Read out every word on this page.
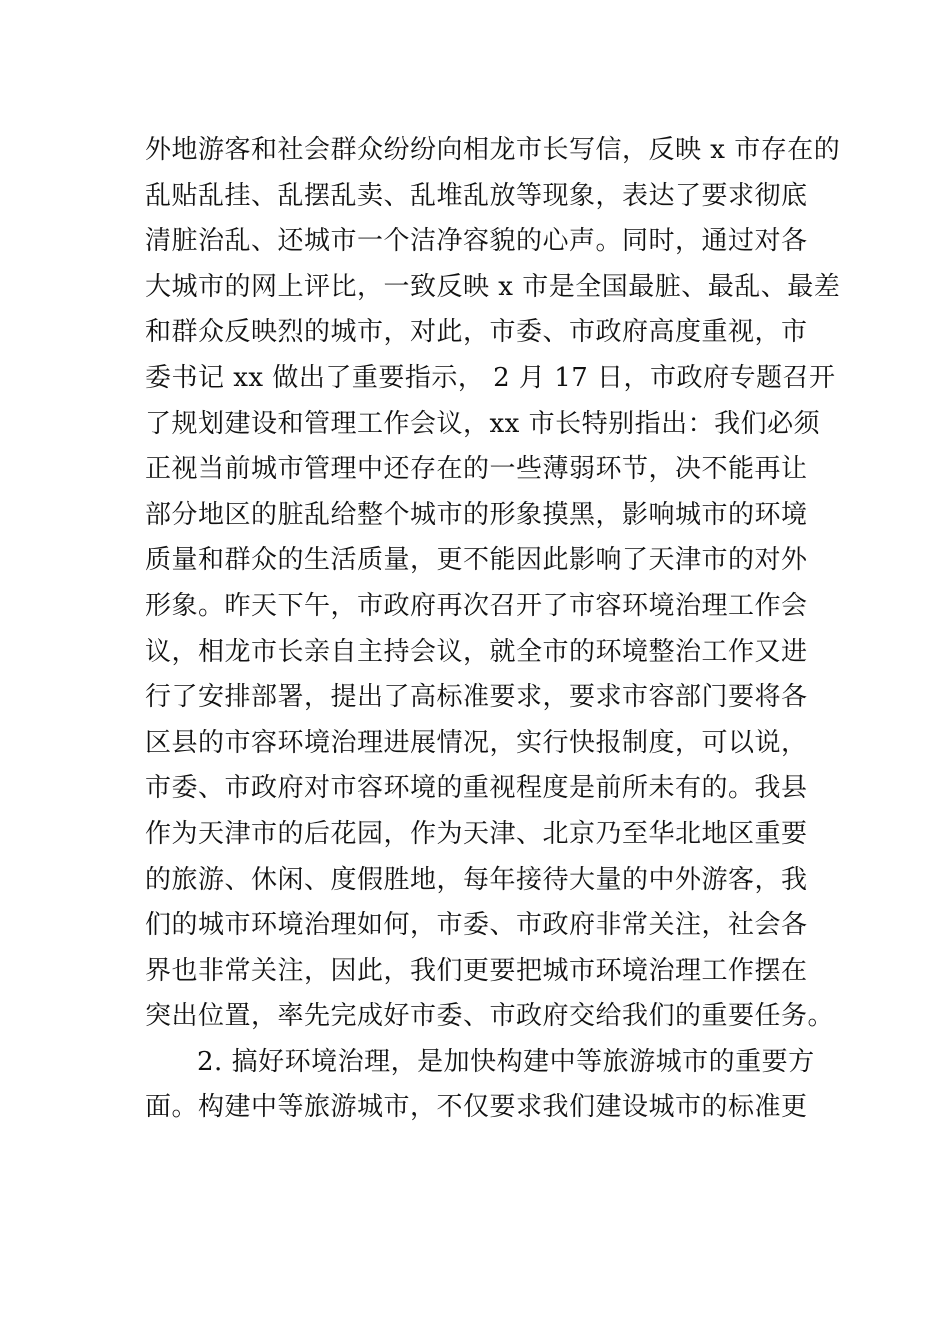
外地游客和社会群众纷纷向相龙市长写信，反映 x 市存在的
乱贴乱挂、乱摆乱卖、乱堆乱放等现象，表达了要求彻底
清脏治乱、还城市一个洁净容貌的心声。同时，通过对各
大城市的网上评比，一致反映 x 市是全国最脏、最乱、最差
和群众反映烈的城市，对此，市委、市政府高度重视，市
委书记 xx 做出了重要指示， 2 月 17 日，市政府专题召开
了规划建设和管理工作会议，xx 市长特别指出：我们必须
正视当前城市管理中还存在的一些薄弱环节，决不能再让
部分地区的脏乱给整个城市的形象摸黑，影响城市的环境
质量和群众的生活质量，更不能因此影响了天津市的对外
形象。昨天下午，市政府再次召开了市容环境治理工作会
议，相龙市长亲自主持会议，就全市的环境整治工作又进
行了安排部署，提出了高标准要求，要求市容部门要将各
区县的市容环境治理进展情况，实行快报制度，可以说，
市委、市政府对市容环境的重视程度是前所未有的。我县
作为天津市的后花园，作为天津、北京乃至华北地区重要
的旅游、休闲、度假胜地，每年接待大量的中外游客，我
们的城市环境治理如何，市委、市政府非常关注，社会各
界也非常关注，因此，我们更要把城市环境治理工作摆在
突出位置，率先完成好市委、市政府交给我们的重要任务。
2. 搞好环境治理，是加快构建中等旅游城市的重要方
面。构建中等旅游城市，不仅要求我们建设城市的标准更
